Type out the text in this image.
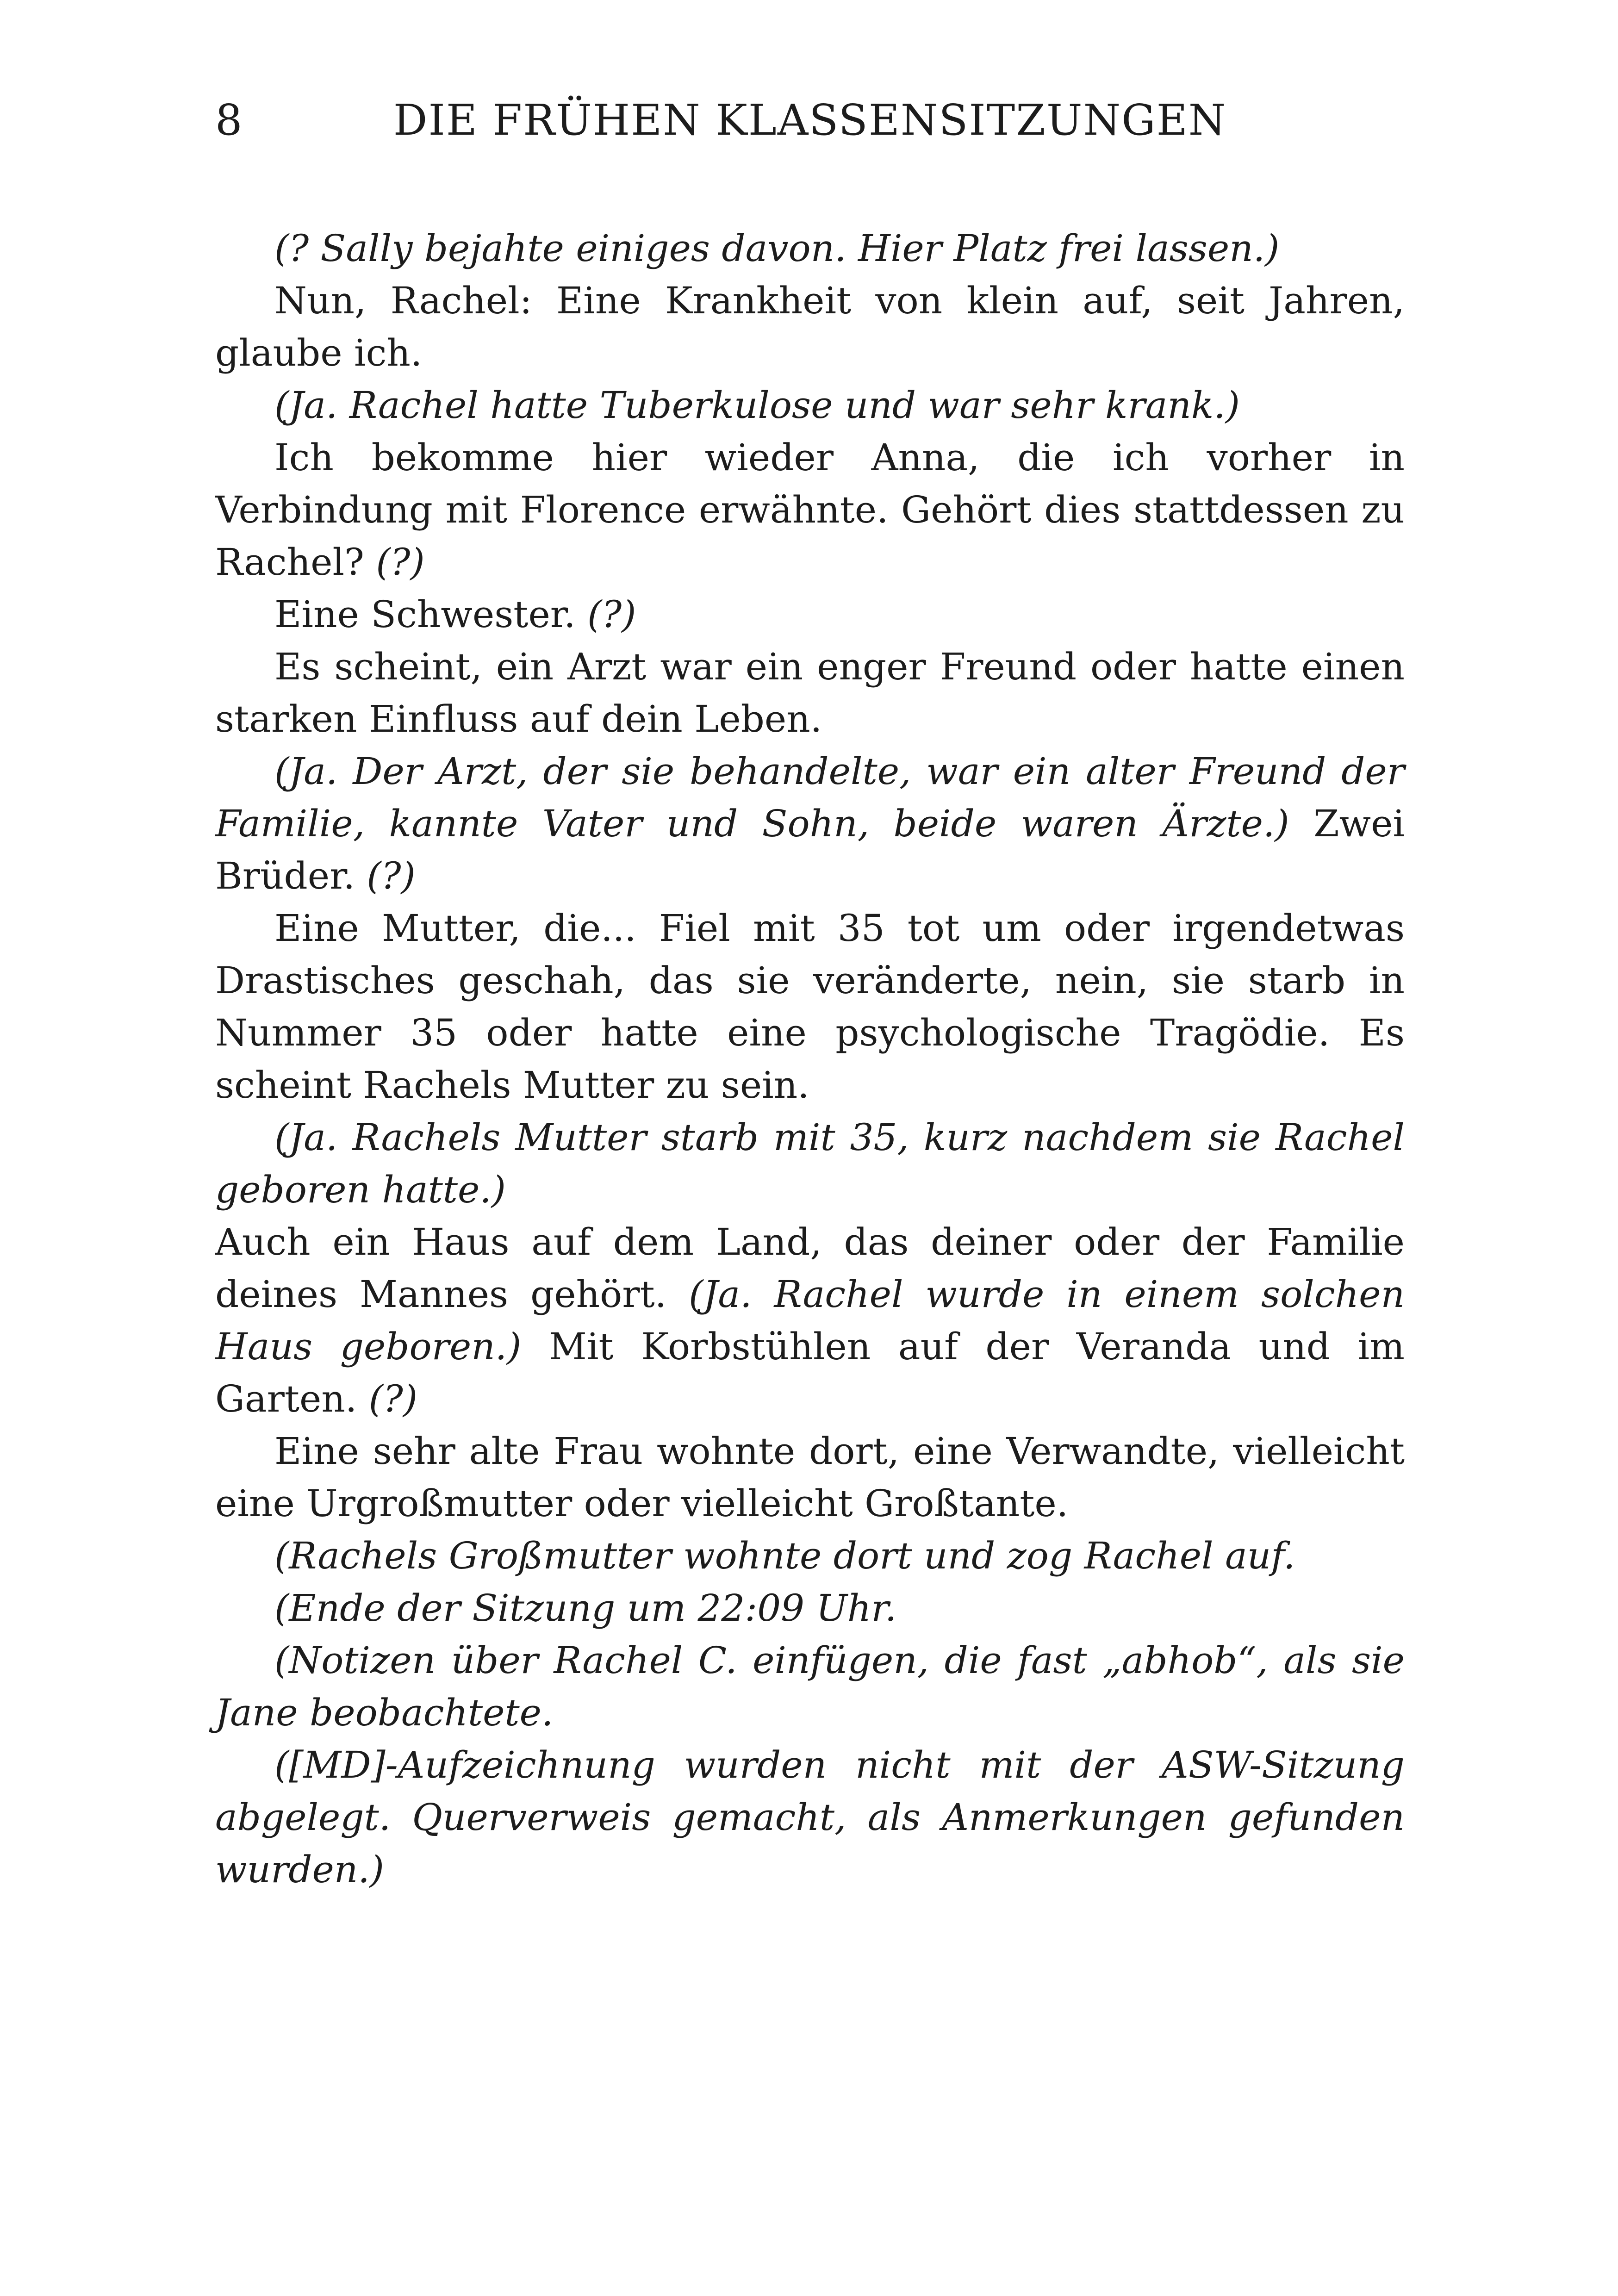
8	DIE FRÜHEN KLASSENSITZUNGEN

(? Sally bejahte einiges davon. Hier Platz frei lassen.)

Nun, Rachel: Eine Krankheit von klein auf, seit Jahren, glaube ich.

(Ja. Rachel hatte Tuberkulose und war sehr krank.)

Ich bekomme hier wieder Anna, die ich vorher in Verbindung mit Florence erwähnte. Gehört dies stattdessen zu Rachel? (?)

Eine Schwester. (?)

Es scheint, ein Arzt war ein enger Freund oder hatte einen starken Einfluss auf dein Leben.

(Ja. Der Arzt, der sie behandelte, war ein alter Freund der Familie, kannte Vater und Sohn, beide waren Ärzte.) Zwei Brüder. (?)

Eine Mutter, die... Fiel mit 35 tot um oder irgendetwas Drastisches geschah, das sie veränderte, nein, sie starb in Nummer 35 oder hatte eine psychologische Tragödie. Es scheint Rachels Mutter zu sein.

(Ja. Rachels Mutter starb mit 35, kurz nachdem sie Rachel geboren hatte.)

Auch ein Haus auf dem Land, das deiner oder der Familie deines Mannes gehört. (Ja. Rachel wurde in einem solchen Haus geboren.) Mit Korbstühlen auf der Veranda und im Garten. (?)

Eine sehr alte Frau wohnte dort, eine Verwandte, vielleicht eine Urgroßmutter oder vielleicht Großtante.

(Rachels Großmutter wohnte dort und zog Rachel auf.

(Ende der Sitzung um 22:09 Uhr.

(Notizen über Rachel C. einfügen, die fast „abhob“, als sie Jane beobachtete.

([MD]-Aufzeichnung wurden nicht mit der ASW-Sitzung abgelegt. Querverweis gemacht, als Anmerkungen gefunden wurden.)
